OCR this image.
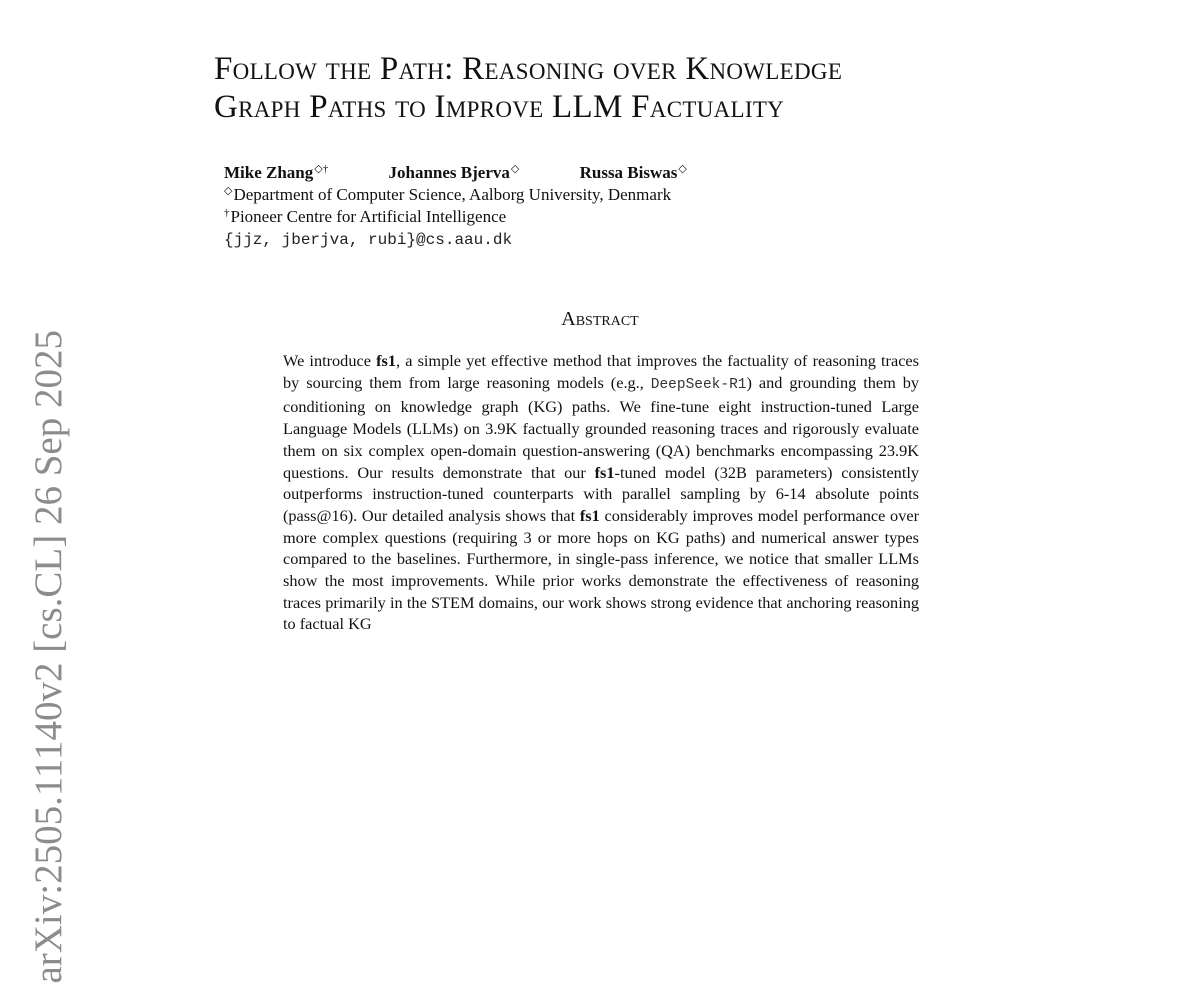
Follow the Path: Reasoning over Knowledge
Graph Paths to Improve LLM Factuality
Mike Zhang◇†	Johannes Bjerva◇	Russa Biswas◇
◇Department of Computer Science, Aalborg University, Denmark
†Pioneer Centre for Artificial Intelligence
{jjz, jberjva, rubi}@cs.aau.dk
Abstract
We introduce fs1, a simple yet effective method that improves the factuality of reasoning traces by sourcing them from large reasoning models (e.g., DeepSeek-R1) and grounding them by conditioning on knowledge graph (KG) paths. We fine-tune eight instruction-tuned Large Language Models (LLMs) on 3.9K factually grounded reasoning traces and rigorously evaluate them on six complex open-domain question-answering (QA) benchmarks encompassing 23.9K questions. Our results demonstrate that our fs1-tuned model (32B parameters) consistently outperforms instruction-tuned counterparts with parallel sampling by 6-14 absolute points (pass@16). Our detailed analysis shows that fs1 considerably improves model performance over more complex questions (requiring 3 or more hops on KG paths) and numerical answer types compared to the baselines. Furthermore, in single-pass inference, we notice that smaller LLMs show the most improvements. While prior works demonstrate the effectiveness of reasoning traces primarily in the STEM domains, our work shows strong evidence that anchoring reasoning to factual KG
arXiv:2505.11140v2 [cs.CL] 26 Sep 2025
